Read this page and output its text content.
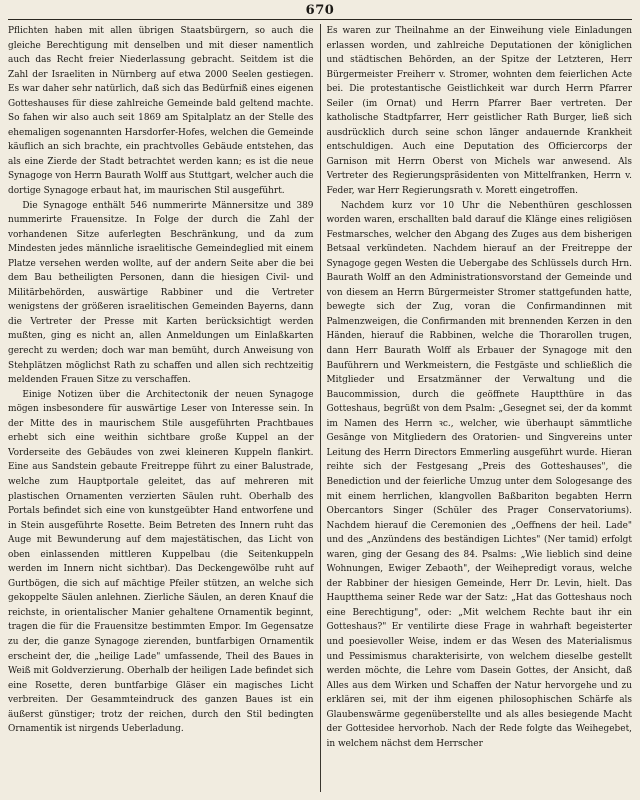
670

Pflichten haben mit allen übrigen Staatsbürgern, so auch die gleiche Berechtigung mit denselben und mit dieser namentlich auch das Recht freier Niederlassung gebracht. Seitdem ist die Zahl der Israeliten in Nürnberg auf etwa 2000 Seelen gestiegen. Es war daher sehr natürlich, daß sich das Bedürfniß eines eigenen Gotteshauses für diese zahlreiche Gemeinde bald geltend machte. So fahen wir also auch seit 1869 am Spitalplatz an der Stelle des ehemaligen sogenannten Harsdorfer-Hofes, welchen die Gemeinde käuflich an sich brachte, ein prachtvolles Gebäude entstehen, das als eine Zierde der Stadt betrachtet werden kann; es ist die neue Synagoge von Herrn Baurath Wolff aus Stuttgart, welcher auch die dortige Synagoge erbaut hat, im maurischen Stil ausgeführt.

Die Synagoge enthält 546 nummerirte Männersitze und 389 nummerirte Frauensitze. In Folge der durch die Zahl der vorhandenen Sitze auferlegten Beschränkung, und da zum Mindesten jedes männliche israelitische Gemeindeglied mit einem Platze versehen werden wollte, auf der andern Seite aber die bei dem Bau betheiligten Personen, dann die hiesigen Civil- und Militärbehörden, auswärtige Rabbiner und die Vertreter wenigstens der größeren israelitischen Gemeinden Bayerns, dann die Vertreter der Presse mit Karten berücksichtigt werden mußten, ging es nicht an, allen Anmeldungen um Einlaßkarten gerecht zu werden; doch war man bemüht, durch Anweisung von Stehplätzen möglichst Rath zu schaffen und allen sich rechtzeitig meldenden Frauen Sitze zu verschaffen.

Einige Notizen über die Architectonik der neuen Synagoge mögen insbesondere für auswärtige Leser von Interesse sein. In der Mitte des in maurischem Stile ausgeführten Prachtbaues erhebt sich eine weithin sichtbare große Kuppel an der Vorderseite des Gebäudes von zwei kleineren Kuppeln flankirt. Eine aus Sandstein gebaute Freitreppe führt zu einer Balustrade, welche zum Hauptportale geleitet, das auf mehreren mit plastischen Ornamenten verzierten Säulen ruht. Oberhalb des Portals befindet sich eine von kunstgeübter Hand entworfene und in Stein ausgeführte Rosette. Beim Betreten des Innern ruht das Auge mit Bewunderung auf dem majestätischen, das Licht von oben einlassenden mittleren Kuppelbau (die Seitenkuppeln werden im Innern nicht sichtbar). Das Deckengewölbe ruht auf Gurtbögen, die sich auf mächtige Pfeiler stützen, an welche sich gekoppelte Säulen anlehnen. Zierliche Säulen, an deren Knauf die reichste, in orientalischer Manier gehaltene Ornamentik beginnt, tragen die für die Frauensitze bestimmten Empor. Im Gegensatze zu der, die ganze Synagoge zierenden, buntfarbigen Ornamentik erscheint der, die „heilige Lade" umfassende, Theil des Baues in Weiß mit Goldverzierung. Oberhalb der heiligen Lade befindet sich eine Rosette, deren buntfarbige Gläser ein magisches Licht verbreiten. Der Gesammteindruck des ganzen Baues ist ein äußerst günstiger; trotz der reichen, durch den Stil bedingten Ornamentik ist nirgends Ueberladung.

Es waren zur Theilnahme an der Einweihung viele Einladungen erlassen worden, und zahlreiche Deputationen der königlichen und städtischen Behörden, an der Spitze der Letzteren, Herr Bürgermeister Freiherr v. Stromer, wohnten dem feierlichen Acte bei. Die protestantische Geistlichkeit war durch Herrn Pfarrer Seiler (im Ornat) und Herrn Pfarrer Baer vertreten. Der katholische Stadtpfarrer, Herr geistlicher Rath Burger, ließ sich ausdrücklich durch seine schon länger andauernde Krankheit entschuldigen. Auch eine Deputation des Officiercorps der Garnison mit Herrn Oberst von Michels war anwesend. Als Vertreter des Regierungspräsidenten von Mittelfranken, Herrn v. Feder, war Herr Regierungsrath v. Morett eingetroffen.

Nachdem kurz vor 10 Uhr die Nebenthüren geschlossen worden waren, erschallten bald darauf die Klänge eines religiösen Festmarsches, welcher den Abgang des Zuges aus dem bisherigen Betsaal verkündeten. Nachdem hierauf an der Freitreppe der Synagoge gegen Westen die Uebergabe des Schlüssels durch Hrn. Baurath Wolff an den Administrationsvorstand der Gemeinde und von diesem an Herrn Bürgermeister Stromer stattgefunden hatte, bewegte sich der Zug, voran die Confirmandinnen mit Palmenzweigen, die Confirmanden mit brennenden Kerzen in den Händen, hierauf die Rabbinen, welche die Thorarollen trugen, dann Herr Baurath Wolff als Erbauer der Synagoge mit den Bauführern und Werkmeistern, die Festgäste und schließlich die Mitglieder und Ersatzmänner der Verwaltung und die Baucommission, durch die geöffnete Hauptthüre in das Gotteshaus, begrüßt von dem Psalm: „Gesegnet sei, der da kommt im Namen des Herrn ꝛc., welcher, wie überhaupt sämmtliche Gesänge von Mitgliedern des Oratorien- und Singvereins unter Leitung des Herrn Directors Emmerling ausgeführt wurde. Hieran reihte sich der Festgesang „Preis des Gotteshauses", die Benediction und der feierliche Umzug unter dem Sologesange des mit einem herrlichen, klangvollen Baßbariton begabten Herrn Obercantors Singer (Schüler des Prager Conservatoriums). Nachdem hierauf die Ceremonien des „Oeffnens der heil. Lade" und des „Anzündens des beständigen Lichtes" (Ner tamid) erfolgt waren, ging der Gesang des 84. Psalms: „Wie lieblich sind deine Wohnungen, Ewiger Zebaoth", der Weihepredigt voraus, welche der Rabbiner der hiesigen Gemeinde, Herr Dr. Levin, hielt. Das Hauptthema seiner Rede war der Satz: „Hat das Gotteshaus noch eine Berechtigung", oder: „Mit welchem Rechte baut ihr ein Gotteshaus?" Er ventilirte diese Frage in wahrhaft begeisterter und poesievoller Weise, indem er das Wesen des Materialismus und Pessimismus charakterisirte, von welchem dieselbe gestellt werden möchte, die Lehre vom Dasein Gottes, der Ansicht, daß Alles aus dem Wirken und Schaffen der Natur hervorgehe und zu erklären sei, mit der ihm eigenen philosophischen Schärfe als Glaubenswärme gegenüberstellte und als alles besiegende Macht der Gottesidee hervorhob. Nach der Rede folgte das Weihegebet, in welchem nächst dem Herrscher
